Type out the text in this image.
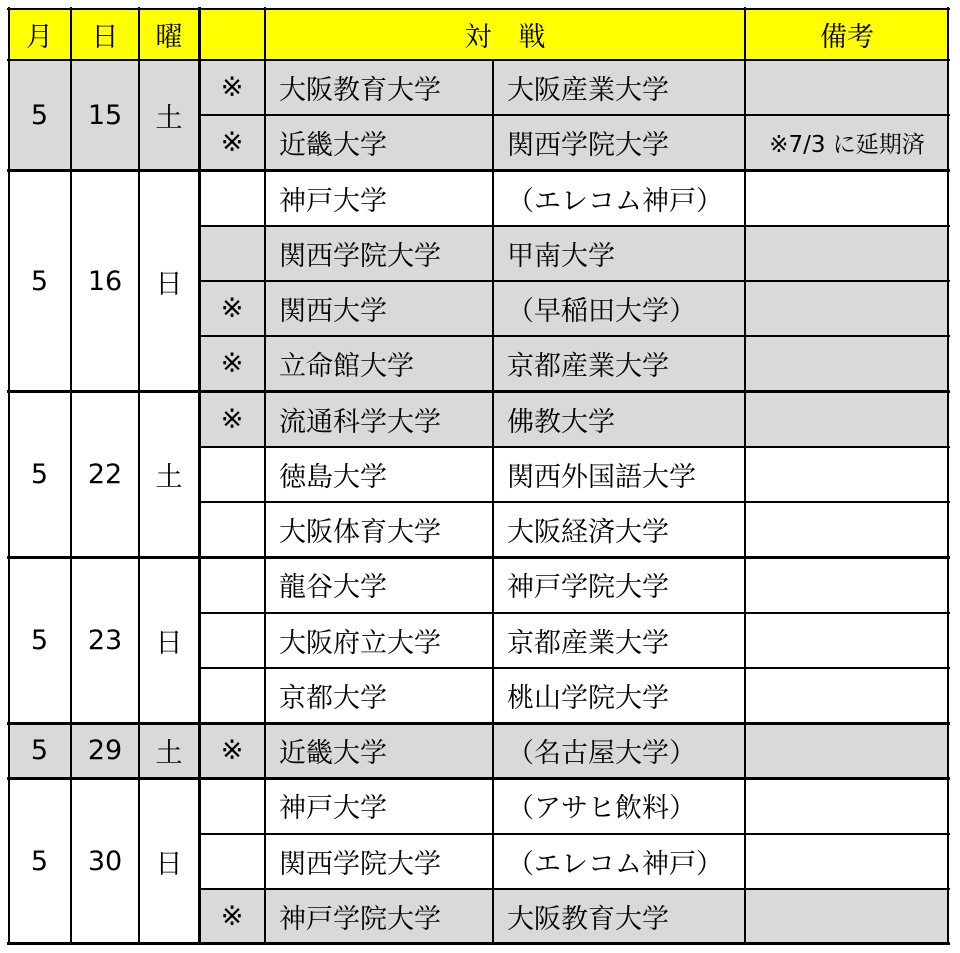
月	日	曜	対　戦	備考
5	15	土
※	大阪教育大学	大阪産業大学
※	近畿大学	関西学院大学	※7/3 に延期済
5	16	日
神戸大学	（エレコム神戸）
関西学院大学	甲南大学
※	関西大学	（早稲田大学）
※	立命館大学	京都産業大学
5	22	土
※	流通科学大学	佛教大学
徳島大学	関西外国語大学
大阪体育大学	大阪経済大学
5	23	日
龍谷大学	神戸学院大学
大阪府立大学	京都産業大学
京都大学	桃山学院大学
5	29	土	※	近畿大学	（名古屋大学）
5	30	日
神戸大学	（アサヒ飲料）
関西学院大学	（エレコム神戸）
※	神戸学院大学	大阪教育大学
